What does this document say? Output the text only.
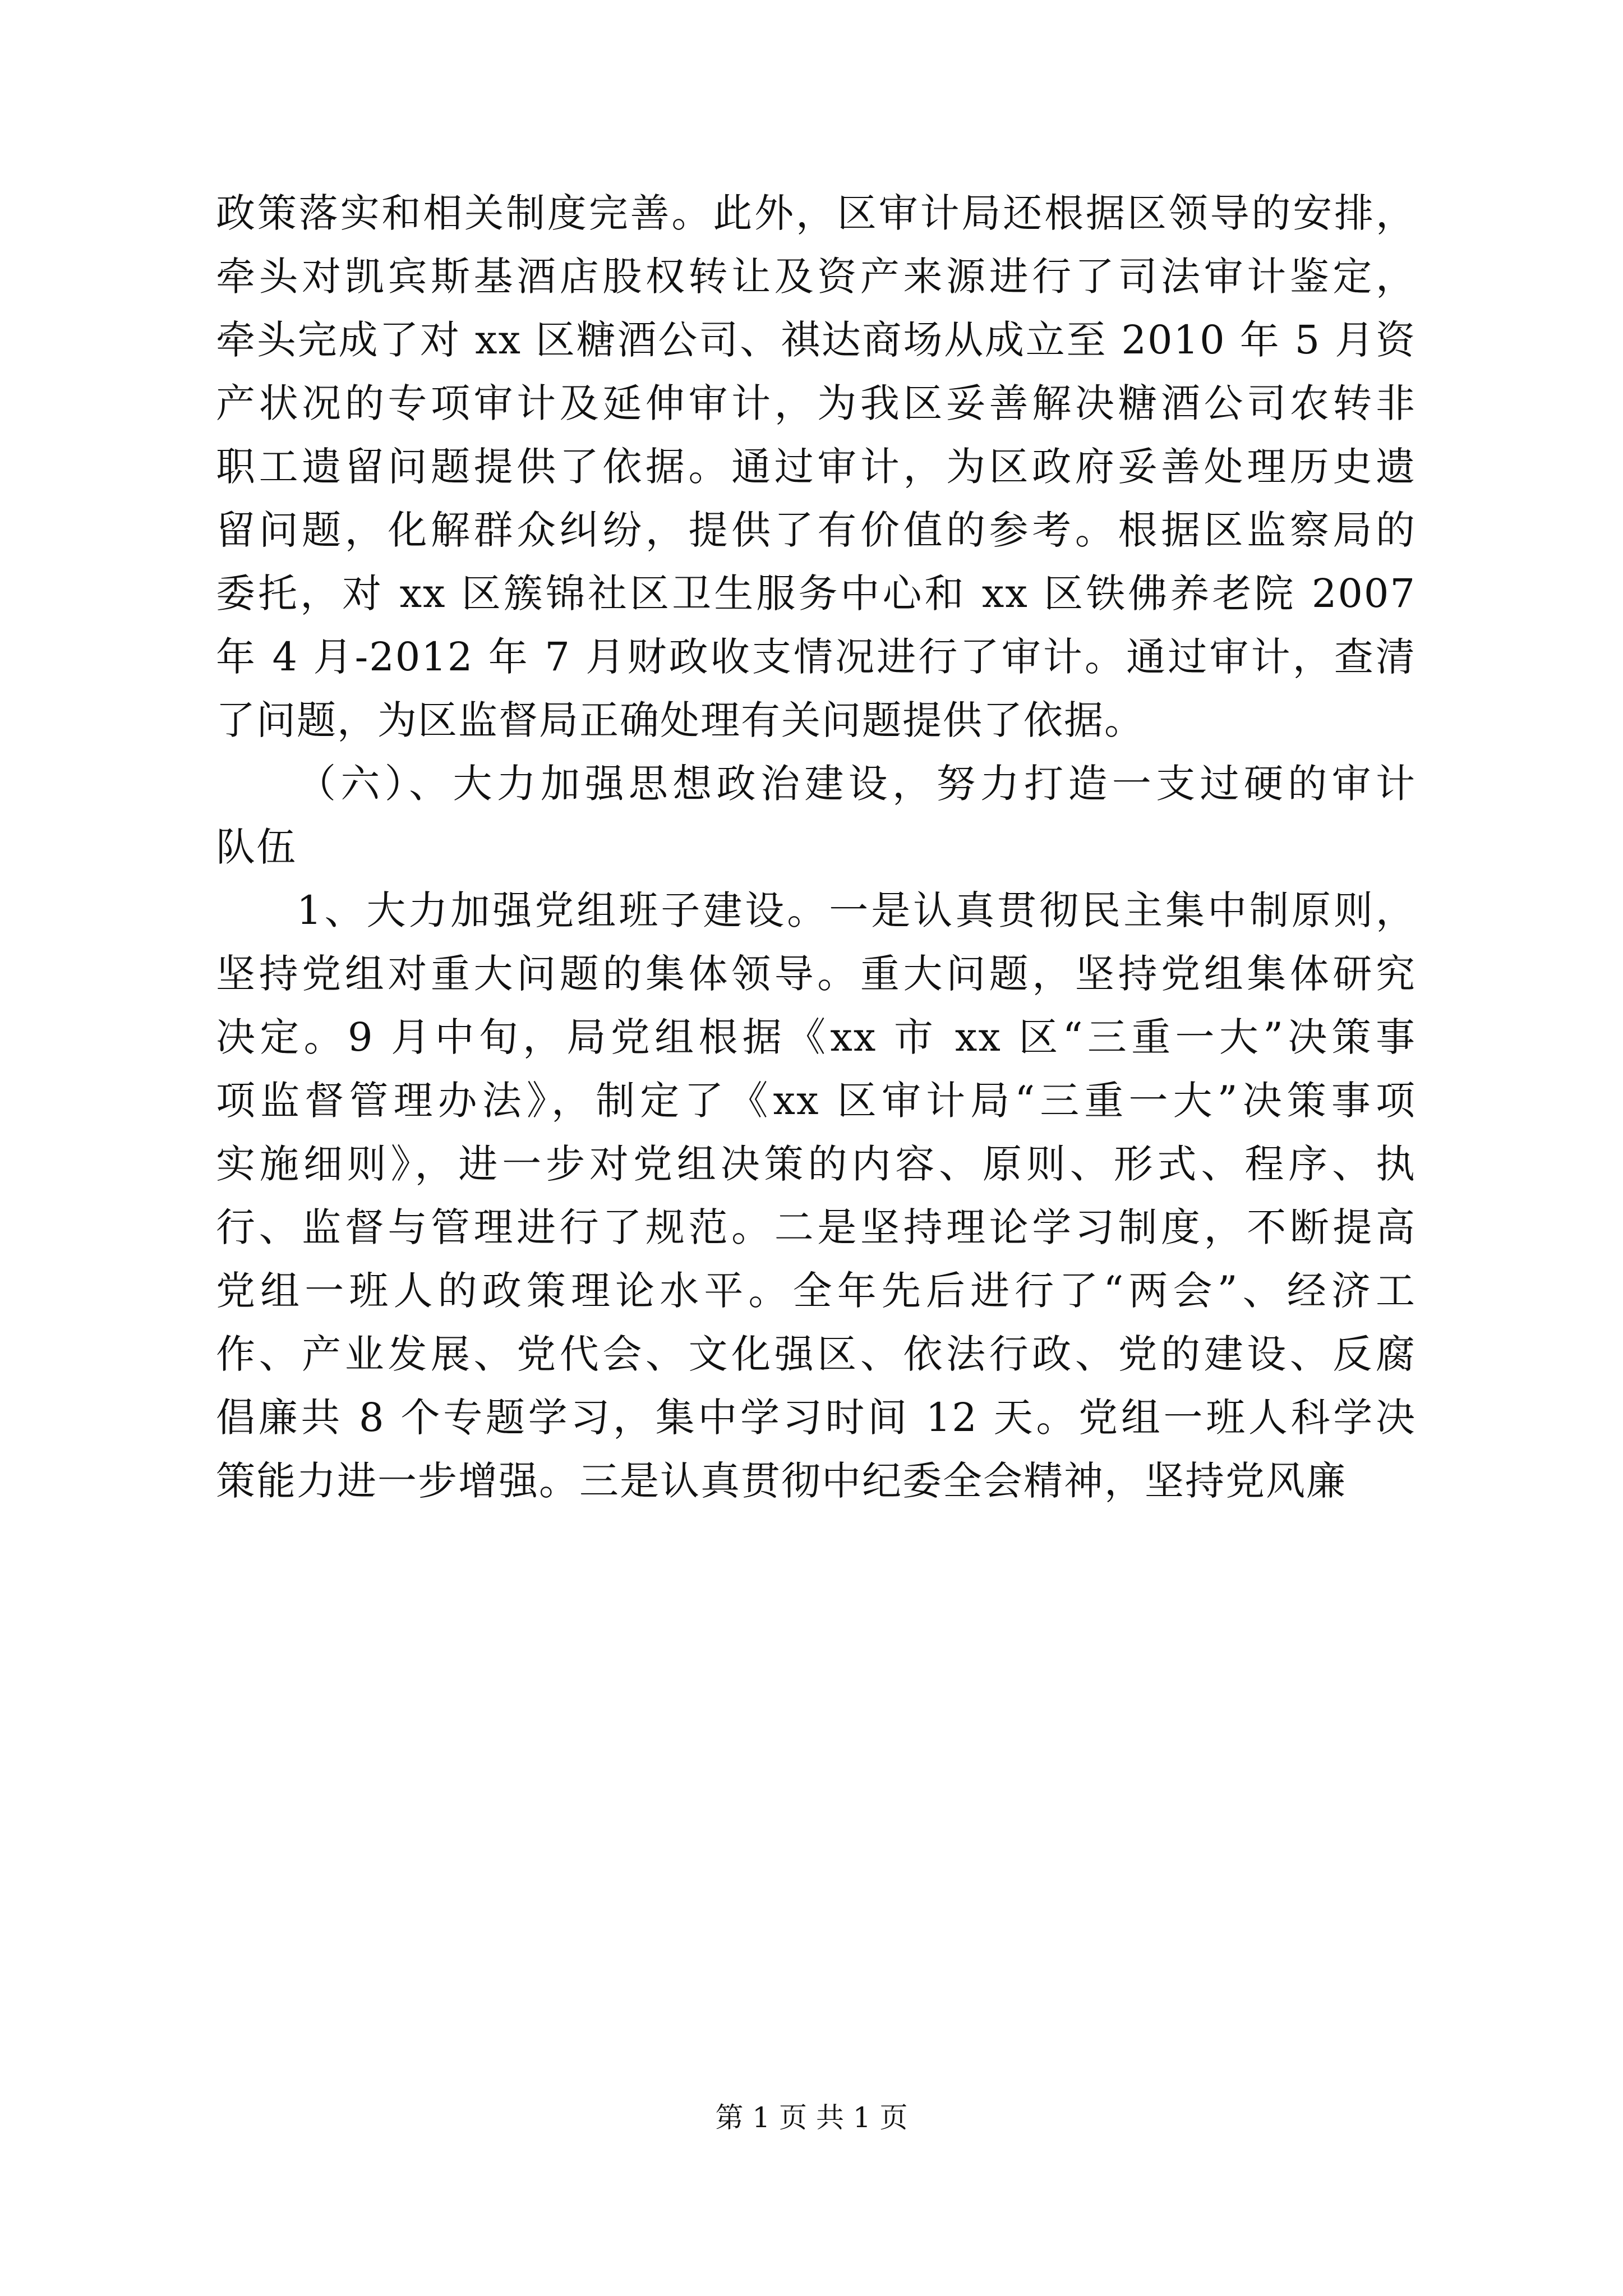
政策落实和相关制度完善。此外，区审计局还根据区领导的安排，
牵头对凯宾斯基酒店股权转让及资产来源进行了司法审计鉴定，
牵头完成了对 xx 区糖酒公司、祺达商场从成立至 2010 年 5 月资
产状况的专项审计及延伸审计，为我区妥善解决糖酒公司农转非
职工遗留问题提供了依据。通过审计，为区政府妥善处理历史遗
留问题，化解群众纠纷，提供了有价值的参考。根据区监察局的
委托，对 xx 区簇锦社区卫生服务中心和 xx 区铁佛养老院 2007
年 4 月-2012 年 7 月财政收支情况进行了审计。通过审计，查清
了问题，为区监督局正确处理有关问题提供了依据。
（六）、大力加强思想政治建设，努力打造一支过硬的审计
队伍
1、大力加强党组班子建设。一是认真贯彻民主集中制原则，
坚持党组对重大问题的集体领导。重大问题，坚持党组集体研究
决定。9 月中旬，局党组根据《xx 市 xx 区“三重一大”决策事
项监督管理办法》，制定了《xx 区审计局“三重一大”决策事项
实施细则》，进一步对党组决策的内容、原则、形式、程序、执
行、监督与管理进行了规范。二是坚持理论学习制度，不断提高
党组一班人的政策理论水平。全年先后进行了“两会”、经济工
作、产业发展、党代会、文化强区、依法行政、党的建设、反腐
倡廉共 8 个专题学习，集中学习时间 12 天。党组一班人科学决
策能力进一步增强。三是认真贯彻中纪委全会精神，坚持党风廉
第 1 页 共 1 页
